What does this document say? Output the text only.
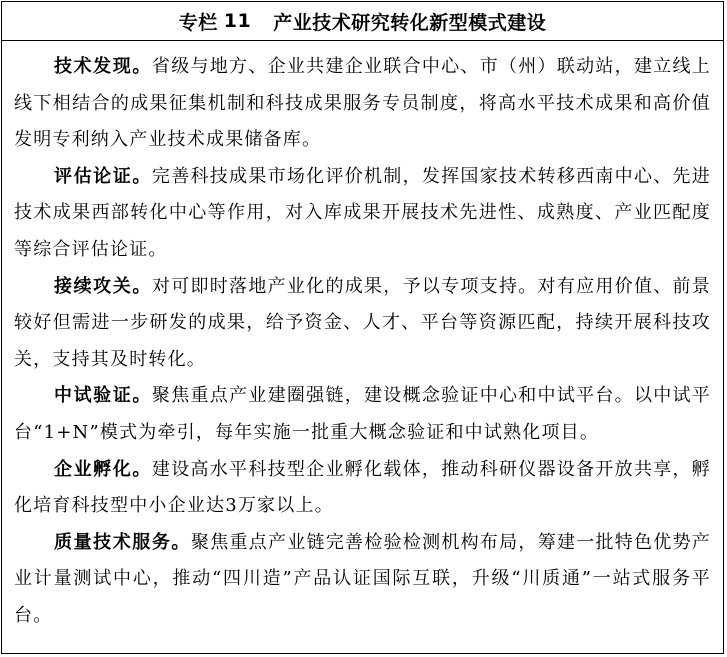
专栏 11 产业技术研究转化新型模式建设

技术发现。省级与地方、企业共建企业联合中心、市（州）联动站，建立线上线下相结合的成果征集机制和科技成果服务专员制度，将高水平技术成果和高价值发明专利纳入产业技术成果储备库。

评估论证。完善科技成果市场化评价机制，发挥国家技术转移西南中心、先进技术成果西部转化中心等作用，对入库成果开展技术先进性、成熟度、产业匹配度等综合评估论证。

接续攻关。对可即时落地产业化的成果，予以专项支持。对有应用价值、前景较好但需进一步研发的成果，给予资金、人才、平台等资源匹配，持续开展科技攻关，支持其及时转化。

中试验证。聚焦重点产业建圈强链，建设概念验证中心和中试平台。以中试平台“1+N”模式为牵引，每年实施一批重大概念验证和中试熟化项目。

企业孵化。建设高水平科技型企业孵化载体，推动科研仪器设备开放共享，孵化培育科技型中小企业达3万家以上。

质量技术服务。聚焦重点产业链完善检验检测机构布局，筹建一批特色优势产业计量测试中心，推动“四川造”产品认证国际互联，升级“川质通”一站式服务平台。
